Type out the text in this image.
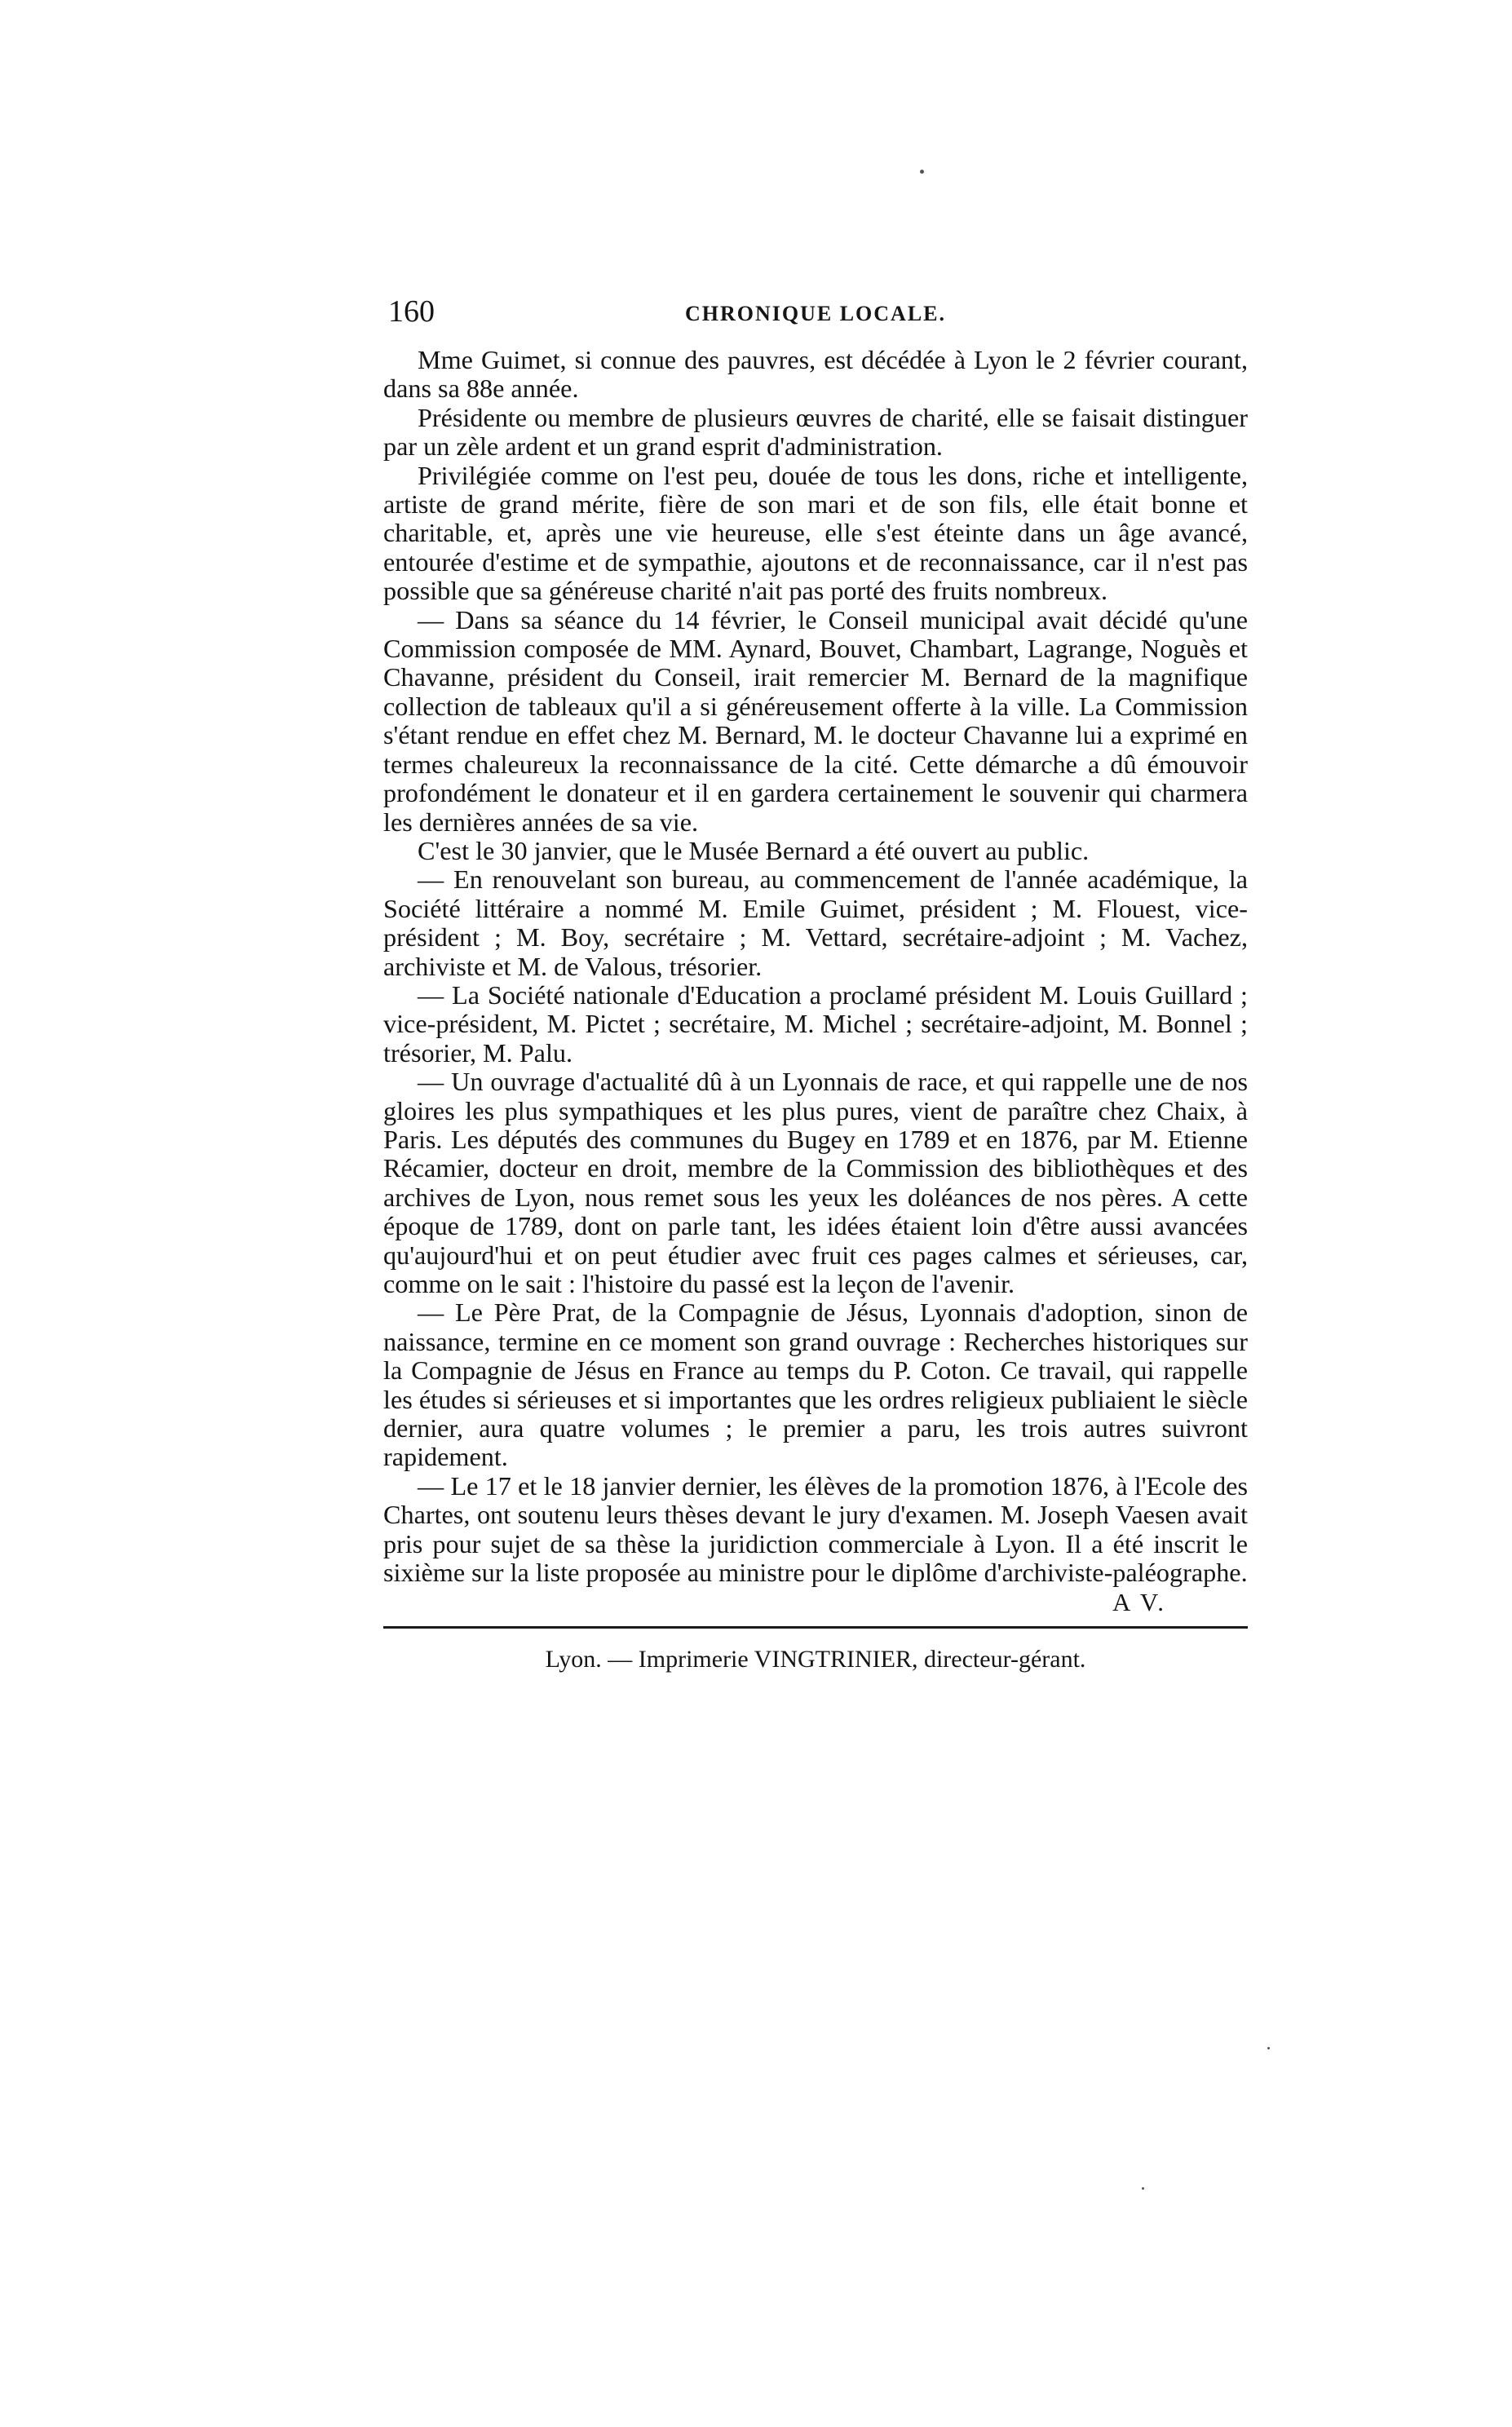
160	CHRONIQUE LOCALE.

Mme Guimet, si connue des pauvres, est décédée à Lyon le 2 février courant, dans sa 88e année.

Présidente ou membre de plusieurs œuvres de charité, elle se faisait distinguer par un zèle ardent et un grand esprit d'administration.

Privilégiée comme on l'est peu, douée de tous les dons, riche et intelligente, artiste de grand mérite, fière de son mari et de son fils, elle était bonne et charitable, et, après une vie heureuse, elle s'est éteinte dans un âge avancé, entourée d'estime et de sympathie, ajoutons et de reconnaissance, car il n'est pas possible que sa généreuse charité n'ait pas porté des fruits nombreux.

— Dans sa séance du 14 février, le Conseil municipal avait décidé qu'une Commission composée de MM. Aynard, Bouvet, Chambart, Lagrange, Noguès et Chavanne, président du Conseil, irait remercier M. Bernard de la magnifique collection de tableaux qu'il a si généreusement offerte à la ville. La Commission s'étant rendue en effet chez M. Bernard, M. le docteur Chavanne lui a exprimé en termes chaleureux la reconnaissance de la cité. Cette démarche a dû émouvoir profondément le donateur et il en gardera certainement le souvenir qui charmera les dernières années de sa vie.

C'est le 30 janvier, que le Musée Bernard a été ouvert au public.

— En renouvelant son bureau, au commencement de l'année académique, la Société littéraire a nommé M. Emile Guimet, président ; M. Flouest, vice-président ; M. Boy, secrétaire ; M. Vettard, secrétaire-adjoint ; M. Vachez, archiviste et M. de Valous, trésorier.

— La Société nationale d'Education a proclamé président M. Louis Guillard ; vice-président, M. Pictet ; secrétaire, M. Michel ; secrétaire-adjoint, M. Bonnel ; trésorier, M. Palu.

— Un ouvrage d'actualité dû à un Lyonnais de race, et qui rappelle une de nos gloires les plus sympathiques et les plus pures, vient de paraître chez Chaix, à Paris. Les députés des communes du Bugey en 1789 et en 1876, par M. Etienne Récamier, docteur en droit, membre de la Commission des bibliothèques et des archives de Lyon, nous remet sous les yeux les doléances de nos pères. A cette époque de 1789, dont on parle tant, les idées étaient loin d'être aussi avancées qu'aujourd'hui et on peut étudier avec fruit ces pages calmes et sérieuses, car, comme on le sait : l'histoire du passé est la leçon de l'avenir.

— Le Père Prat, de la Compagnie de Jésus, Lyonnais d'adoption, sinon de naissance, termine en ce moment son grand ouvrage : Recherches historiques sur la Compagnie de Jésus en France au temps du P. Coton. Ce travail, qui rappelle les études si sérieuses et si importantes que les ordres religieux publiaient le siècle dernier, aura quatre volumes ; le premier a paru, les trois autres suivront rapidement.

— Le 17 et le 18 janvier dernier, les élèves de la promotion 1876, à l'Ecole des Chartes, ont soutenu leurs thèses devant le jury d'examen. M. Joseph Vaesen avait pris pour sujet de sa thèse la juridiction commerciale à Lyon. Il a été inscrit le sixième sur la liste proposée au ministre pour le diplôme d'archiviste-paléographe.

A V.

Lyon. — Imprimerie VINGTRINIER, directeur-gérant.
